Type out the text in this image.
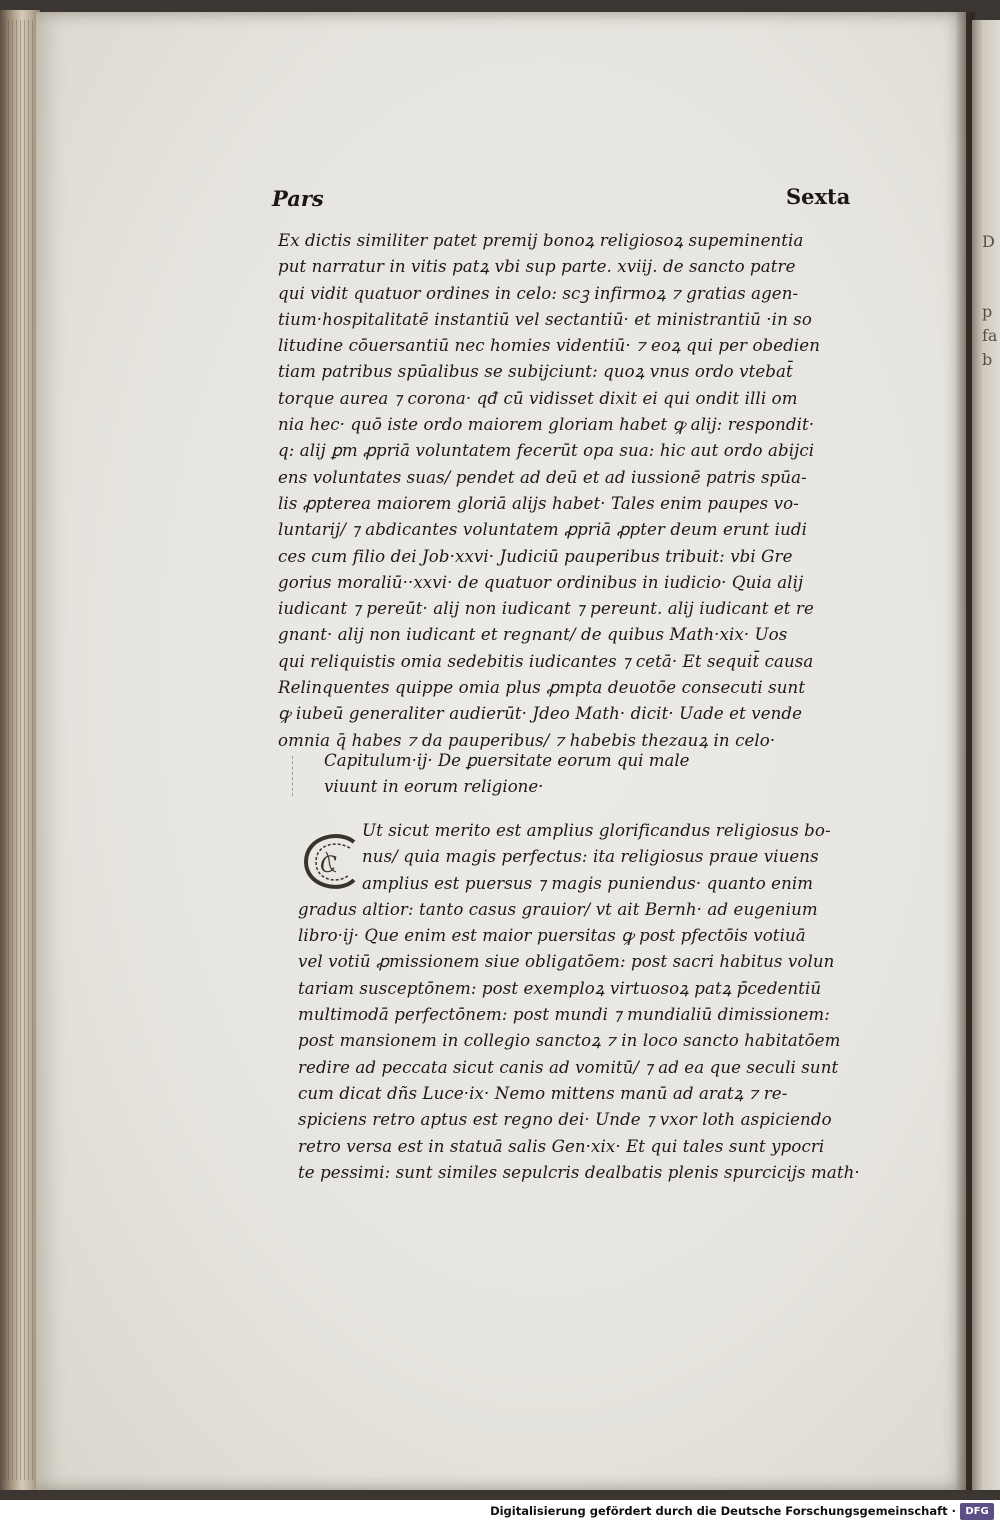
D
p
fa
b
Pars	Sexta
Ex dictis similiter patet premij bonoꝝ religiosoꝝ supeminentia
put narratur in vitis patꝝ vbi sup parte. xviij. de sancto patre
qui vidit quatuor ordines in celo: scꝫ infirmoꝝ ⁊ gratias agen-
tium·hospitalitatē instantiū vel sectantiū· et ministrantiū ·in so
litudine cōuersantiū nec homies videntiū· ⁊ eoꝝ qui per obedien
tiam patribus spūalibus se subijciunt: quoꝝ vnus ordo vtebat̄
torque aurea ⁊ corona· qđ cū vidisset dixit ei qui ondit illi om
nia hec· quō iste ordo maiorem gloriam habet ꝙ alij: respondit·
q: alij ꝑm ꝓpriā voluntatem fecerūt opa sua: hic aut ordo abijci
ens voluntates suas/ pendet ad deū et ad iussionē patris spūa-
lis ꝓpterea maiorem gloriā alijs habet· Tales enim paupes vo-
luntarij/ ⁊ abdicantes voluntatem ꝓpriā ꝓpter deum erunt iudi
ces cum filio dei Job·xxvi· Judiciū pauperibus tribuit: vbi Gre
gorius moraliū··xxvi· de quatuor ordinibus in iudicio· Quia alij
iudicant ⁊ pereūt· alij non iudicant ⁊ pereunt. alij iudicant et re
gnant· alij non iudicant et regnant/ de quibus Math·xix· Uos
qui reliquistis omia sedebitis iudicantes ⁊ cetā· Et sequit̄ causa
Relinquentes quippe omia plus ꝓmpta deuotōe consecuti sunt
ꝙ iubeū generaliter audierūt· Jdeo Math· dicit· Uade et vende
omnia q̄ habes ⁊ da pauperibus/ ⁊ habebis thezauꝝ in celo·
Capitulum·ij· De ꝑuersitate eorum qui male
viuunt in eorum religione·
C
Ut sicut merito est amplius glorificandus religiosus bo-
nus/ quia magis perfectus: ita religiosus praue viuens
amplius est puersus ⁊ magis puniendus· quanto enim
gradus altior: tanto casus grauior/ vt ait Bernh· ad eugenium
libro·ij· Que enim est maior puersitas ꝙ post pfectōis votiuā
vel votiū ꝓmissionem siue obligatōem: post sacri habitus volun
tariam susceptōnem: post exemploꝝ virtuosoꝝ patꝝ p̄cedentiū
multimodā perfectōnem: post mundi ⁊ mundialiū dimissionem:
post mansionem in collegio sanctoꝝ ⁊ in loco sancto habitatōem
redire ad peccata sicut canis ad vomitū/ ⁊ ad ea que seculi sunt
cum dicat dñs Luce·ix· Nemo mittens manū ad aratꝝ ⁊ re-
spiciens retro aptus est regno dei· Unde ⁊ vxor loth aspiciendo
retro versa est in statuā salis Gen·xix· Et qui tales sunt ypocri
te pessimi: sunt similes sepulcris dealbatis plenis spurcicijs math·
Digitalisierung gefördert durch die Deutsche Forschungsgemeinschaft · DFG
